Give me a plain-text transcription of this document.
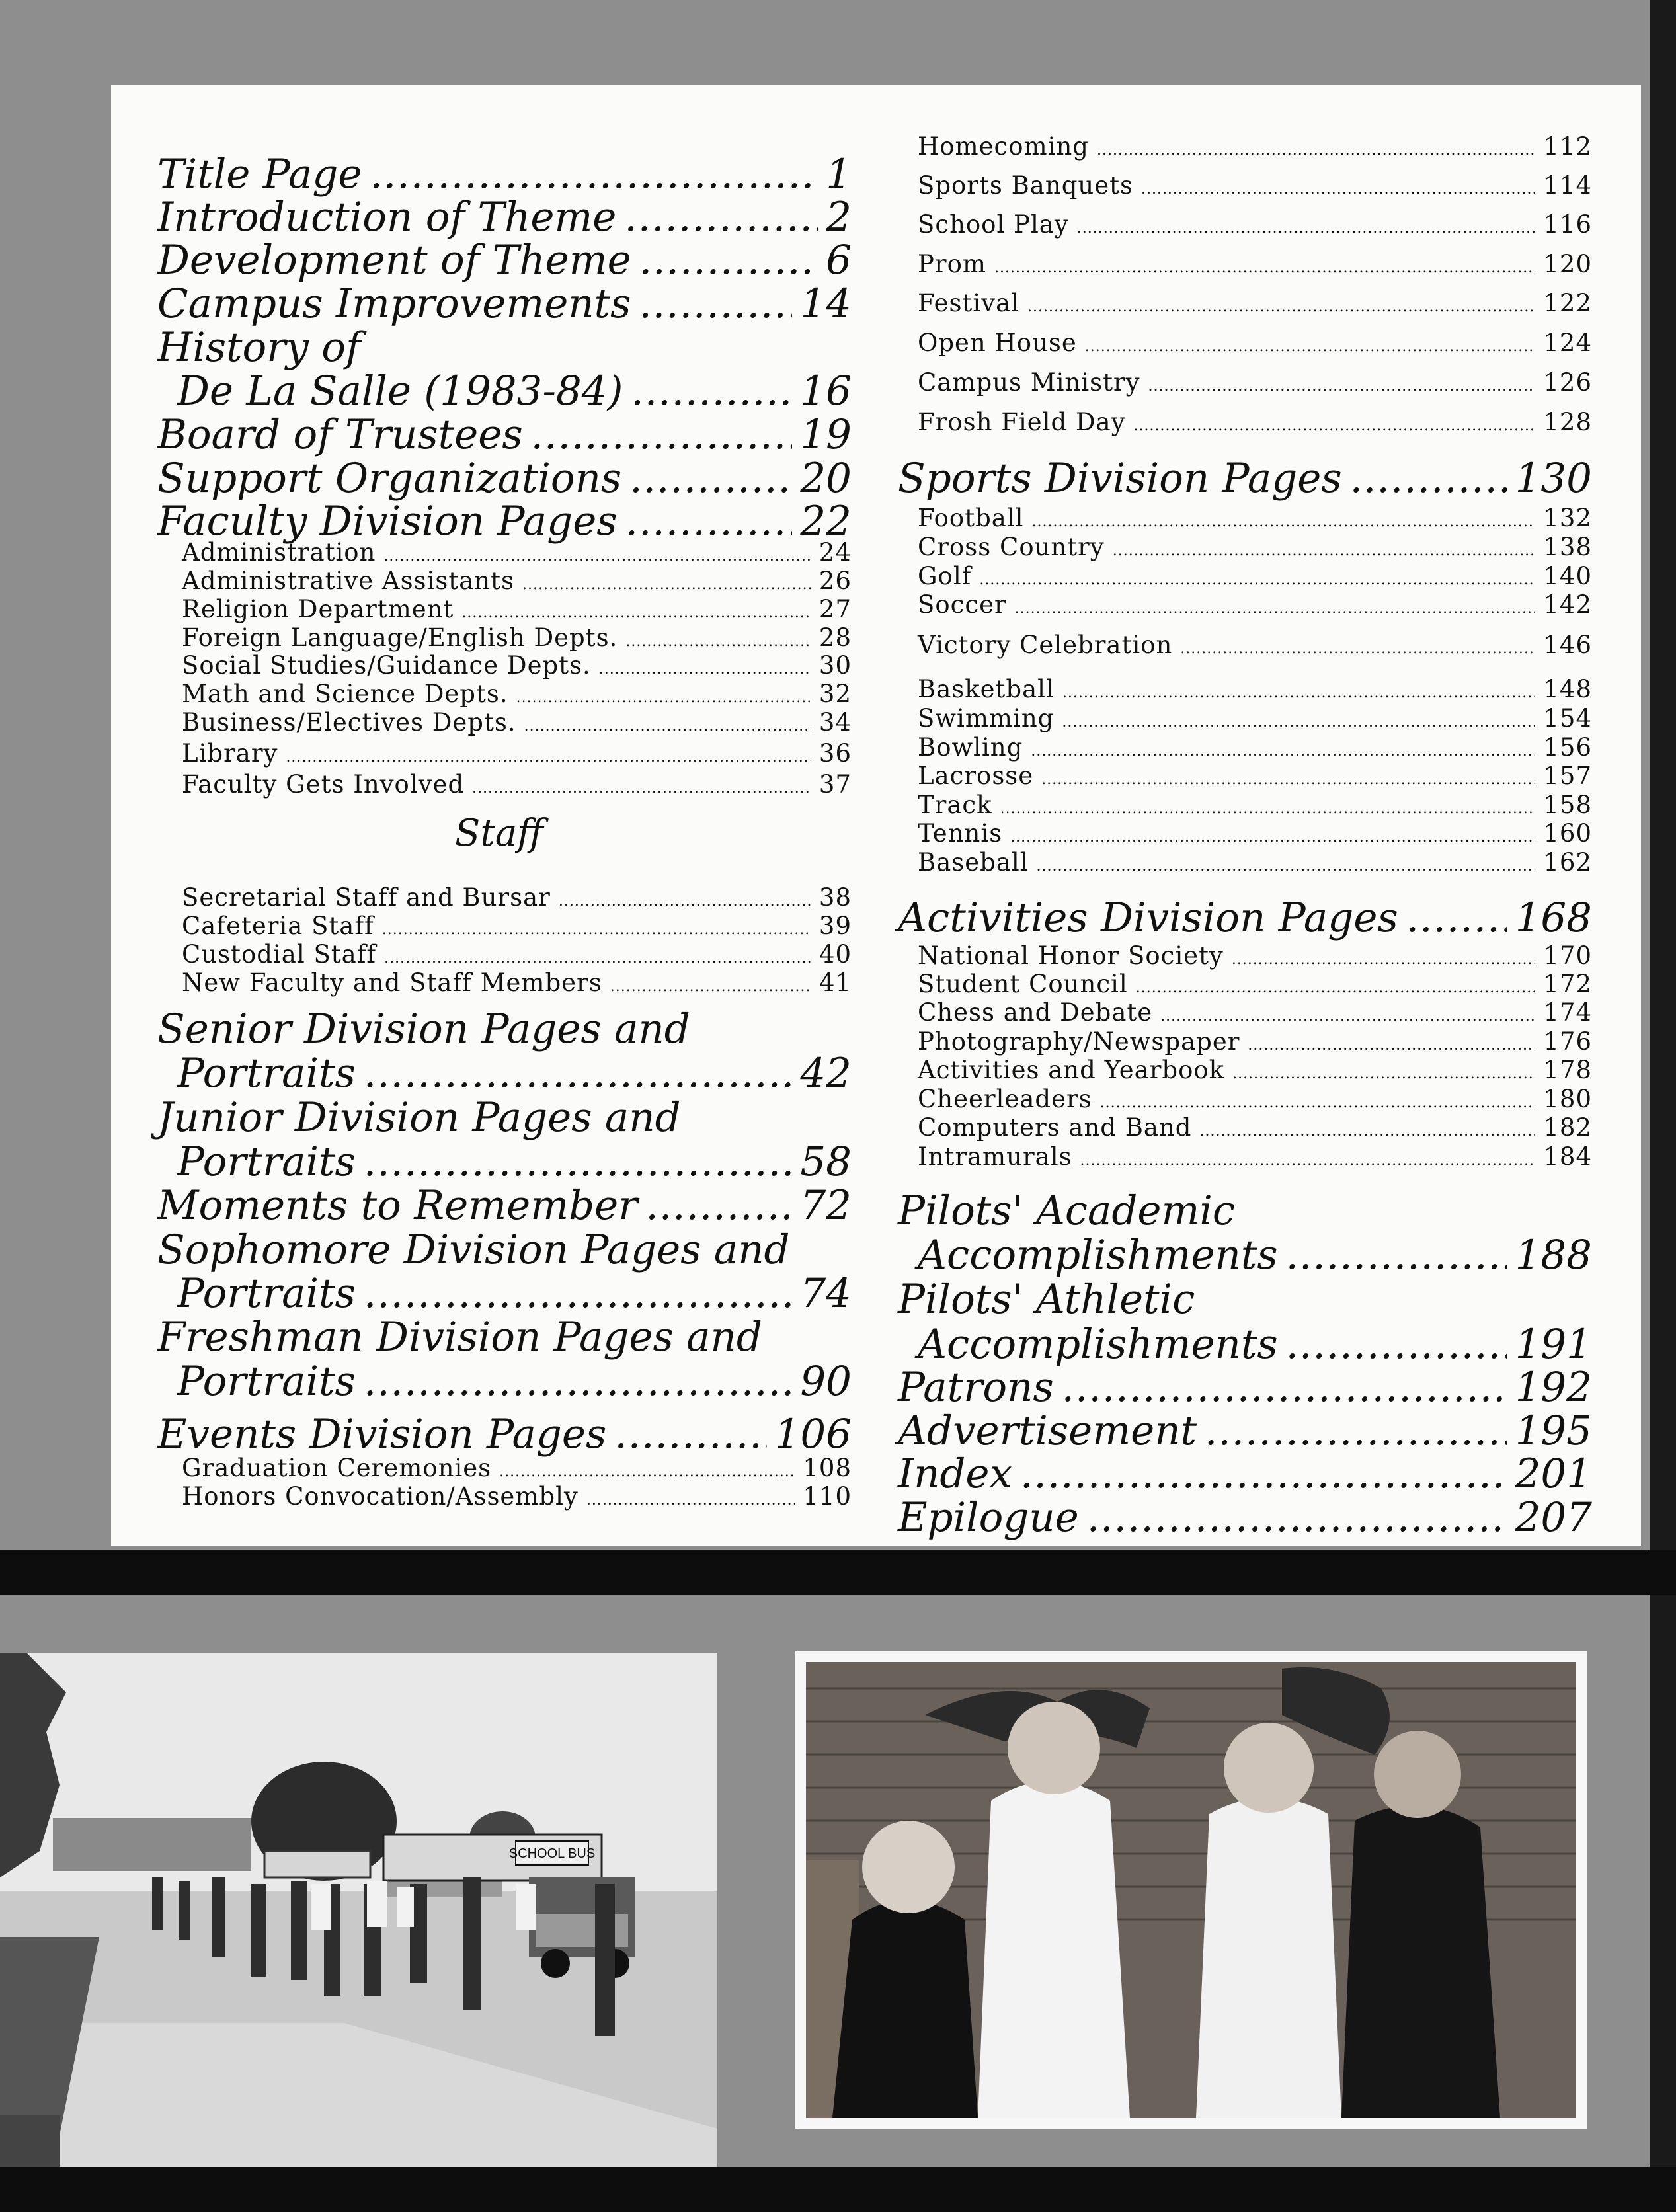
Title Page .....	1
Introduction of Theme .....	2
Development of Theme .....	6
Campus Improvements .....	14
History of
De La Salle (1983-84) .....	16
Board of Trustees .....	19
Support Organizations .....	20
Faculty Division Pages .....	22
Administration .....	24
Administrative Assistants .....	26
Religion Department .....	27
Foreign Language/English Depts. .....	28
Social Studies/Guidance Depts. .....	30
Math and Science Depts. .....	32
Business/Electives Depts. .....	34
Library .....	36
Faculty Gets Involved .....	37
Secretarial Staff and Bursar .....	38
Cafeteria Staff .....	39
Custodial Staff .....	40
New Faculty and Staff Members .....	41
Senior Division Pages and
Portraits .....	42
Junior Division Pages and
Portraits .....	58
Moments to Remember .....	72
Sophomore Division Pages and
Portraits .....	74
Freshman Division Pages and
Portraits .....	90
Events Division Pages .....	106
Graduation Ceremonies .....	108
Honors Convocation/Assembly .....	110
Homecoming .....	112
Sports Banquets .....	114
School Play .....	116
Prom .....	120
Festival .....	122
Open House .....	124
Campus Ministry .....	126
Frosh Field Day .....	128
Sports Division Pages .....	130
Football .....	132
Cross Country .....	138
Golf .....	140
Soccer .....	142
Victory Celebration .....	146
Basketball .....	148
Swimming .....	154
Bowling .....	156
Lacrosse .....	157
Track .....	158
Tennis .....	160
Baseball .....	162
Activities Division Pages .....	168
National Honor Society .....	170
Student Council .....	172
Chess and Debate .....	174
Photography/Newspaper .....	176
Activities and Yearbook .....	178
Cheerleaders .....	180
Computers and Band .....	182
Intramurals .....	184
Pilots' Academic
Accomplishments .....	188
Pilots' Athletic
Accomplishments .....	191
Patrons .....	192
Advertisement .....	195
Index .....	201
Epilogue .....	207
Staff
SCHOOL BUS
